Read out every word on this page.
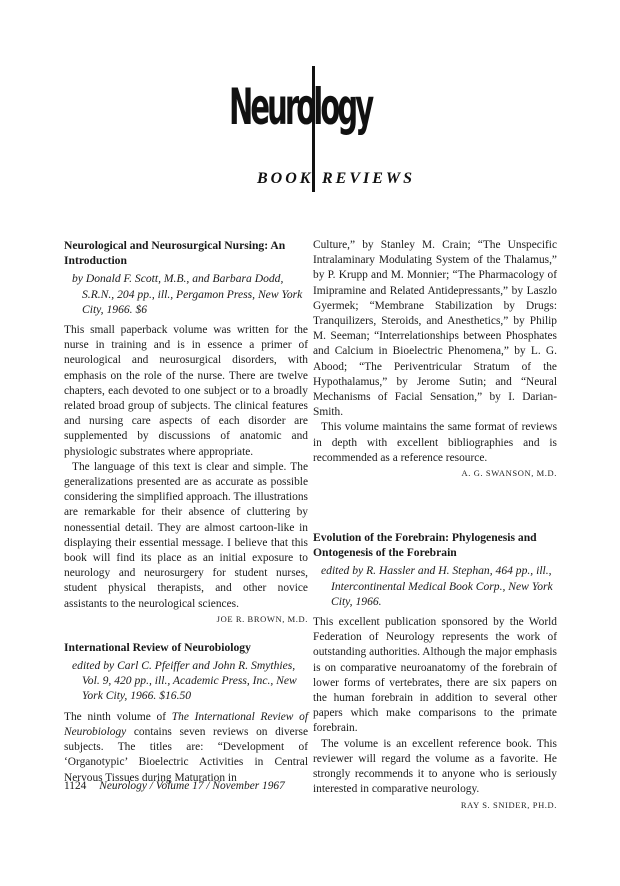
Neurology
BOOK REVIEWS
Neurological and Neurosurgical Nursing: An Introduction
by Donald F. Scott, M.B., and Barbara Dodd, S.R.N., 204 pp., ill., Pergamon Press, New York City, 1966. $6

This small paperback volume was written for the nurse in training and is in essence a primer of neurological and neurosurgical disorders, with emphasis on the role of the nurse. There are twelve chapters, each devoted to one subject or to a broadly related broad group of subjects. The clinical features and nursing care aspects of each disorder are supplemented by discussions of anatomic and physiologic substrates where appropriate.

The language of this text is clear and simple. The generalizations presented are as accurate as possible considering the simplified approach. The illustrations are remarkable for their absence of cluttering by nonessential detail. They are almost cartoon-like in displaying their essential message. I believe that this book will find its place as an initial exposure to neurology and neurosurgery for student nurses, student physical therapists, and other novice assistants to the neurological sciences.

JOE R. BROWN, M.D.
International Review of Neurobiology
edited by Carl C. Pfeiffer and John R. Smythies, Vol. 9, 420 pp., ill., Academic Press, Inc., New York City, 1966. $16.50

The ninth volume of The International Review of Neurobiology contains seven reviews on diverse subjects. The titles are: “Development of ‘Organotypic’ Bioelectric Activities in Central Nervous Tissues during Maturation in

Culture,” by Stanley M. Crain; “The Unspecific Intralaminary Modulating System of the Thalamus,” by P. Krupp and M. Monnier; “The Pharmacology of Imipramine and Related Antidepressants,” by Laszlo Gyermek; “Membrane Stabilization by Drugs: Tranquilizers, Steroids, and Anesthetics,” by Philip M. Seeman; “Interrelationships between Phosphates and Calcium in Bioelectric Phenomena,” by L. G. Abood; “The Periventricular Stratum of the Hypothalamus,” by Jerome Sutin; and “Neural Mechanisms of Facial Sensation,” by I. Darian-Smith.

This volume maintains the same format of reviews in depth with excellent bibliographies and is recommended as a reference resource.

A. G. SWANSON, M.D.
Evolution of the Forebrain: Phylogenesis and Ontogenesis of the Forebrain
edited by R. Hassler and H. Stephan, 464 pp., ill., Intercontinental Medical Book Corp., New York City, 1966.

This excellent publication sponsored by the World Federation of Neurology represents the work of outstanding authorities. Although the major emphasis is on comparative neuroanatomy of the forebrain of lower forms of vertebrates, there are six papers on the human forebrain in addition to several other papers which make comparisons to the primate forebrain.

The volume is an excellent reference book. This reviewer will regard the volume as a favorite. He strongly recommends it to anyone who is seriously interested in comparative neurology.

RAY S. SNIDER, PH.D.
1124 Neurology / Volume 17 / November 1967
